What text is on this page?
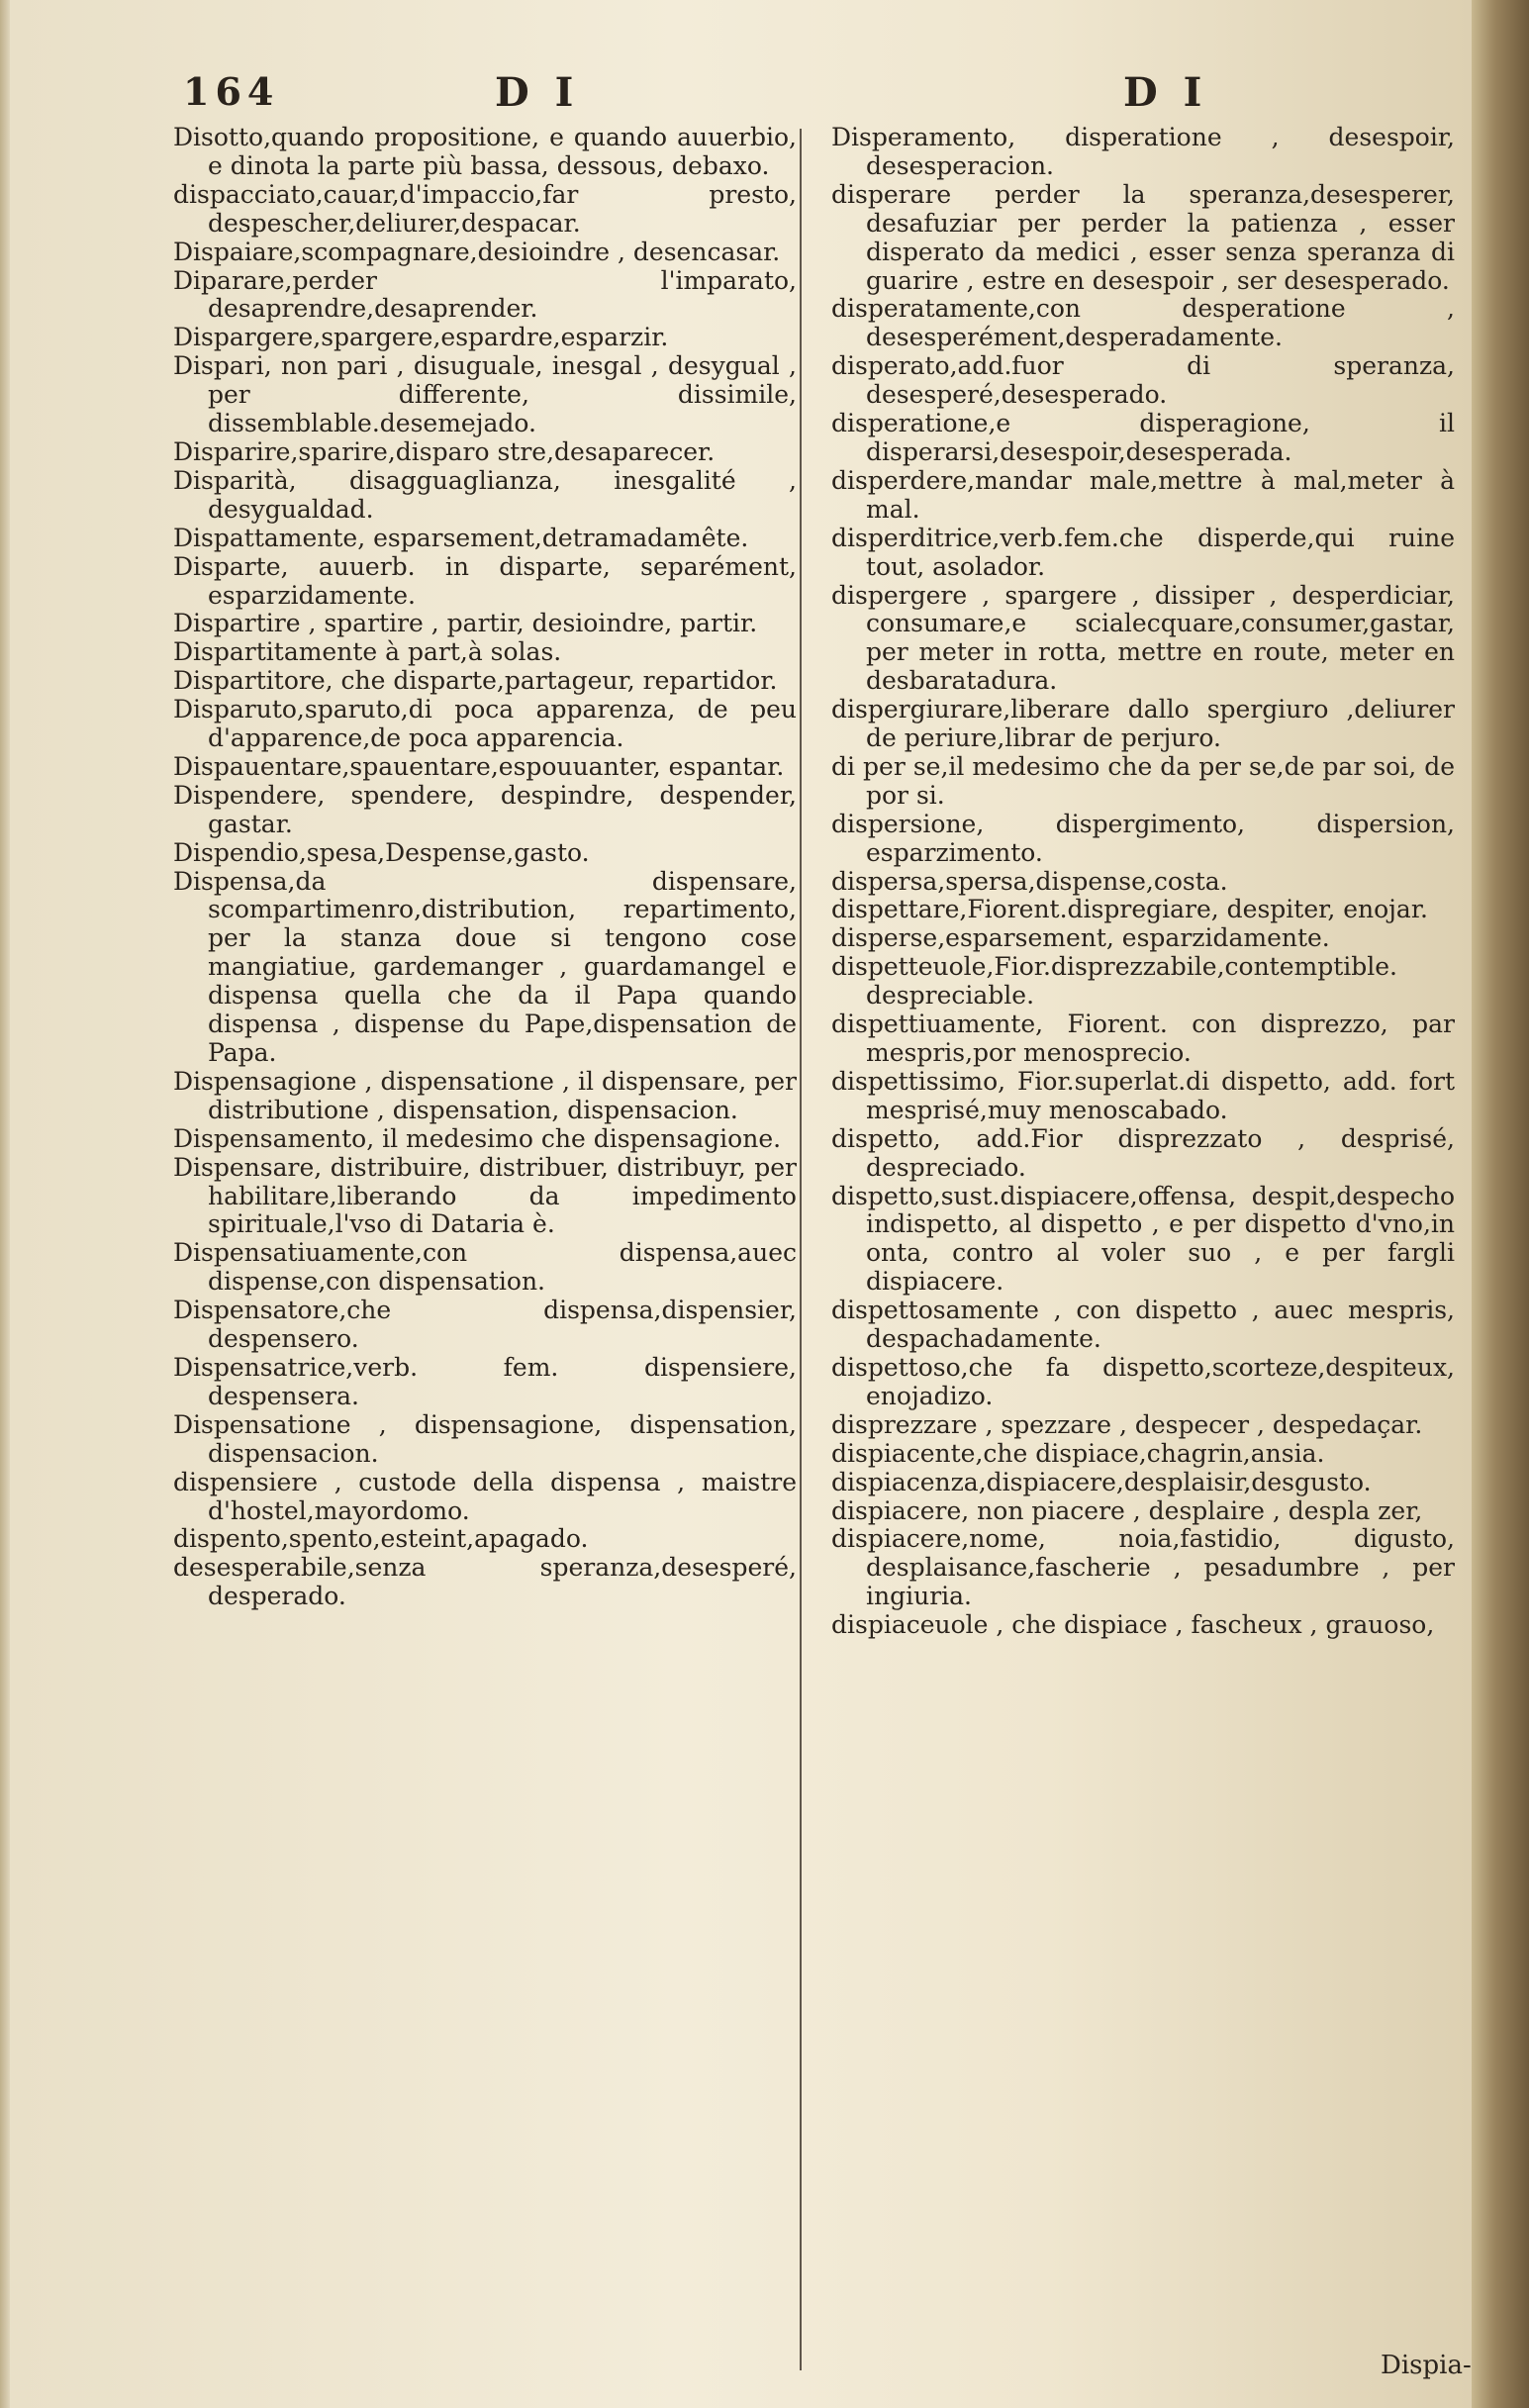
164	D I	D I

Disotto,quando propositione, e quando auuerbio, e dinota la parte più bassa, dessous, debaxo.

dispacciato,cauar,d'impaccio,far presto, despescher,deliurer,despacar.

Dispaiare,scompagnare,desioindre , desencasar.

Diparare,perder l'imparato, desaprendre,desaprender.

Dispargere,spargere,espardre,esparzir.

Dispari, non pari , disuguale, inesgal , desygual , per differente, dissimile, dissemblable.desemejado.

Disparire,sparire,disparo stre,desaparecer.

Disparità, disagguaglianza, inesgalité , desygualdad.

Dispattamente, esparsement,detramadamête.

Disparte, auuerb. in disparte, separément, esparzidamente.

Dispartire , spartire , partir, desioindre, partir.

Dispartitamente à part,à solas.

Dispartitore, che disparte,partageur, repartidor.

Disparuto,sparuto,di poca apparenza, de peu d'apparence,de poca apparencia.

Dispauentare,spauentare,espouuanter, espantar.

Dispendere, spendere, despindre, despender, gastar.

Dispendio,spesa,Despense,gasto.

Dispensa,da dispensare, scompartimenro,distribution, repartimento, per la stanza doue si tengono cose mangiatiue, gardemanger , guardamangel e dispensa quella che da il Papa quando dispensa , dispense du Pape,dispensation de Papa.

Dispensagione , dispensatione , il dispensare, per distributione , dispensation, dispensacion.

Dispensamento, il medesimo che dispensagione.

Dispensare, distribuire, distribuer, distribuyr, per habilitare,liberando da impedimento spirituale,l'vso di Dataria è.

Dispensatiuamente,con dispensa,auec dispense,con dispensation.

Dispensatore,che dispensa,dispensier, despensero.

Dispensatrice,verb. fem. dispensiere, despensera.

Dispensatione , dispensagione, dispensation, dispensacion.

dispensiere , custode della dispensa , maistre d'hostel,mayordomo.

dispento,spento,esteint,apagado.

desesperabile,senza speranza,desesperé, desperado.

Disperamento, disperatione , desespoir, desesperacion.

disperare perder la speranza,desesperer, desafuziar per perder la patienza , esser disperato da medici , esser senza speranza di guarire , estre en desespoir , ser desesperado.

disperatamente,con desperatione , desesperément,desperadamente.

disperato,add.fuor di speranza, desesperé,desesperado.

disperatione,e disperagione, il disperarsi,desespoir,desesperada.

disperdere,mandar male,mettre à mal,meter à mal.

disperditrice,verb.fem.che disperde,qui ruine tout, asolador.

dispergere , spargere , dissiper , desperdiciar, consumare,e scialecquare,consumer,gastar, per meter in rotta, mettre en route, meter en desbaratadura.

dispergiurare,liberare dallo spergiuro ,deliurer de periure,librar de perjuro.

di per se,il medesimo che da per se,de par soi, de por si.

dispersione, dispergimento, dispersion, esparzimento.

dispersa,spersa,dispense,costa.

dispettare,Fiorent.dispregiare, despiter, enojar.

disperse,esparsement, esparzidamente.

dispetteuole,Fior.disprezzabile,contemptible. despreciable.

dispettiuamente, Fiorent. con disprezzo, par mespris,por menosprecio.

dispettissimo, Fior.superlat.di dispetto, add. fort mesprisé,muy menoscabado.

dispetto, add.Fior disprezzato , desprisé, despreciado.

dispetto,sust.dispiacere,offensa, despit,despecho indispetto, al dispetto , e per dispetto d'vno,in onta, contro al voler suo , e per fargli dispiacere.

dispettosamente , con dispetto , auec mespris, despachadamente.

dispettoso,che fa dispetto,scorteze,despiteux, enojadizo.

disprezzare , spezzare , despecer , despedaçar.

dispiacente,che dispiace,chagrin,ansia.

dispiacenza,dispiacere,desplaisir,desgusto.

dispiacere, non piacere , desplaire , despla zer,

dispiacere,nome, noia,fastidio, digusto, desplaisance,fascherie , pesadumbre , per ingiuria.

dispiaceuole , che dispiace , fascheux , grauoso,

Dispia-
